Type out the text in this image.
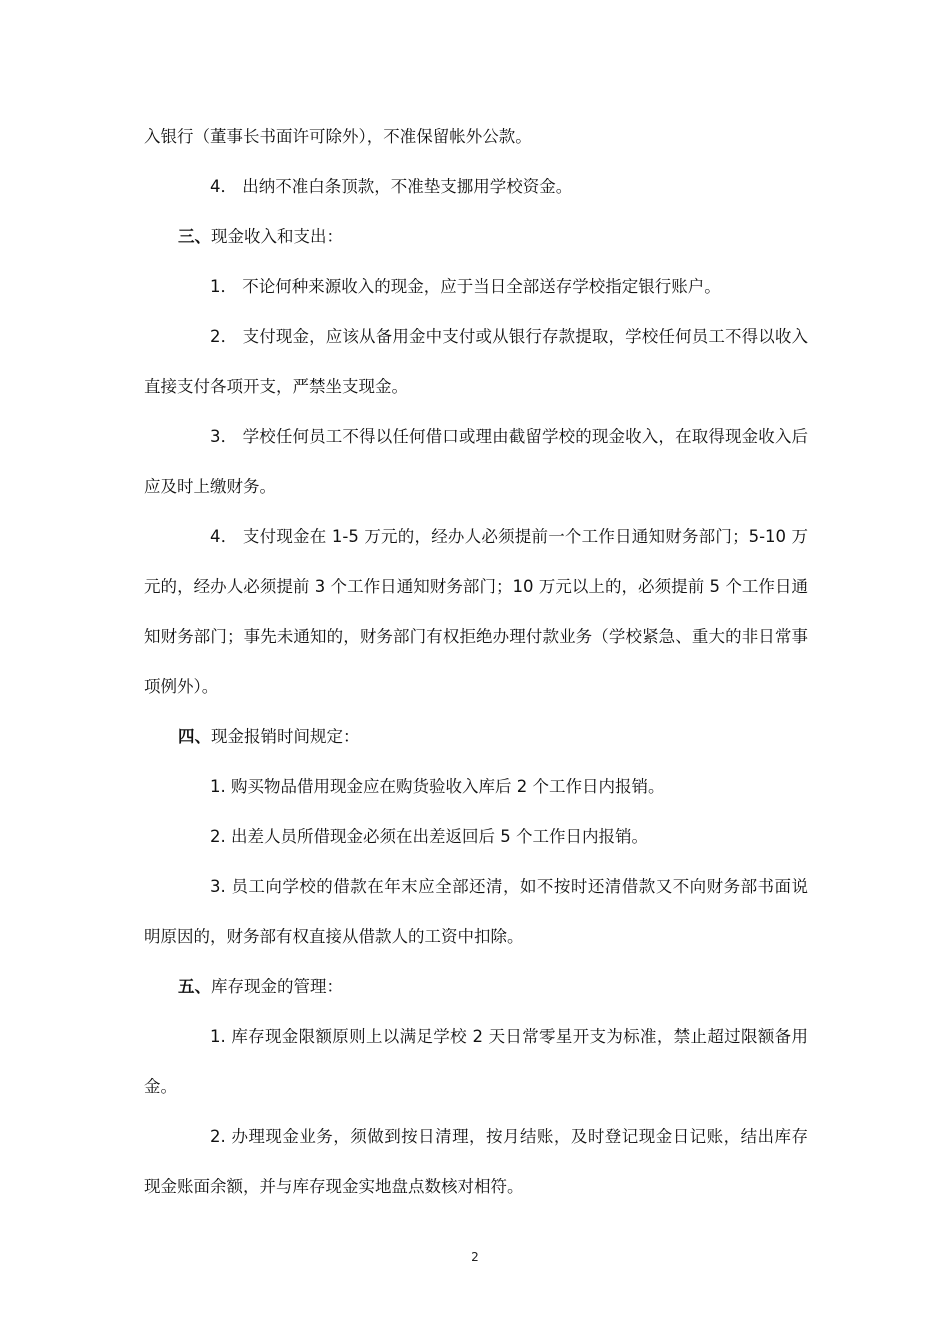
入银行（董事长书面许可除外），不准保留帐外公款。

4． 出纳不准白条顶款，不准垫支挪用学校资金。

三、现金收入和支出：

1． 不论何种来源收入的现金，应于当日全部送存学校指定银行账户。

2． 支付现金，应该从备用金中支付或从银行存款提取，学校任何员工不得以收入直接支付各项开支，严禁坐支现金。

3． 学校任何员工不得以任何借口或理由截留学校的现金收入，在取得现金收入后应及时上缴财务。

4． 支付现金在 1-5 万元的，经办人必须提前一个工作日通知财务部门；5-10 万元的，经办人必须提前 3 个工作日通知财务部门；10 万元以上的，必须提前 5 个工作日通知财务部门；事先未通知的，财务部门有权拒绝办理付款业务（学校紧急、重大的非日常事项例外）。

四、现金报销时间规定：

1. 购买物品借用现金应在购货验收入库后 2 个工作日内报销。

2. 出差人员所借现金必须在出差返回后 5 个工作日内报销。

3. 员工向学校的借款在年末应全部还清，如不按时还清借款又不向财务部书面说明原因的，财务部有权直接从借款人的工资中扣除。

五、库存现金的管理：

1. 库存现金限额原则上以满足学校 2 天日常零星开支为标准，禁止超过限额备用金。

2. 办理现金业务，须做到按日清理，按月结账，及时登记现金日记账，结出库存现金账面余额，并与库存现金实地盘点数核对相符。

2
